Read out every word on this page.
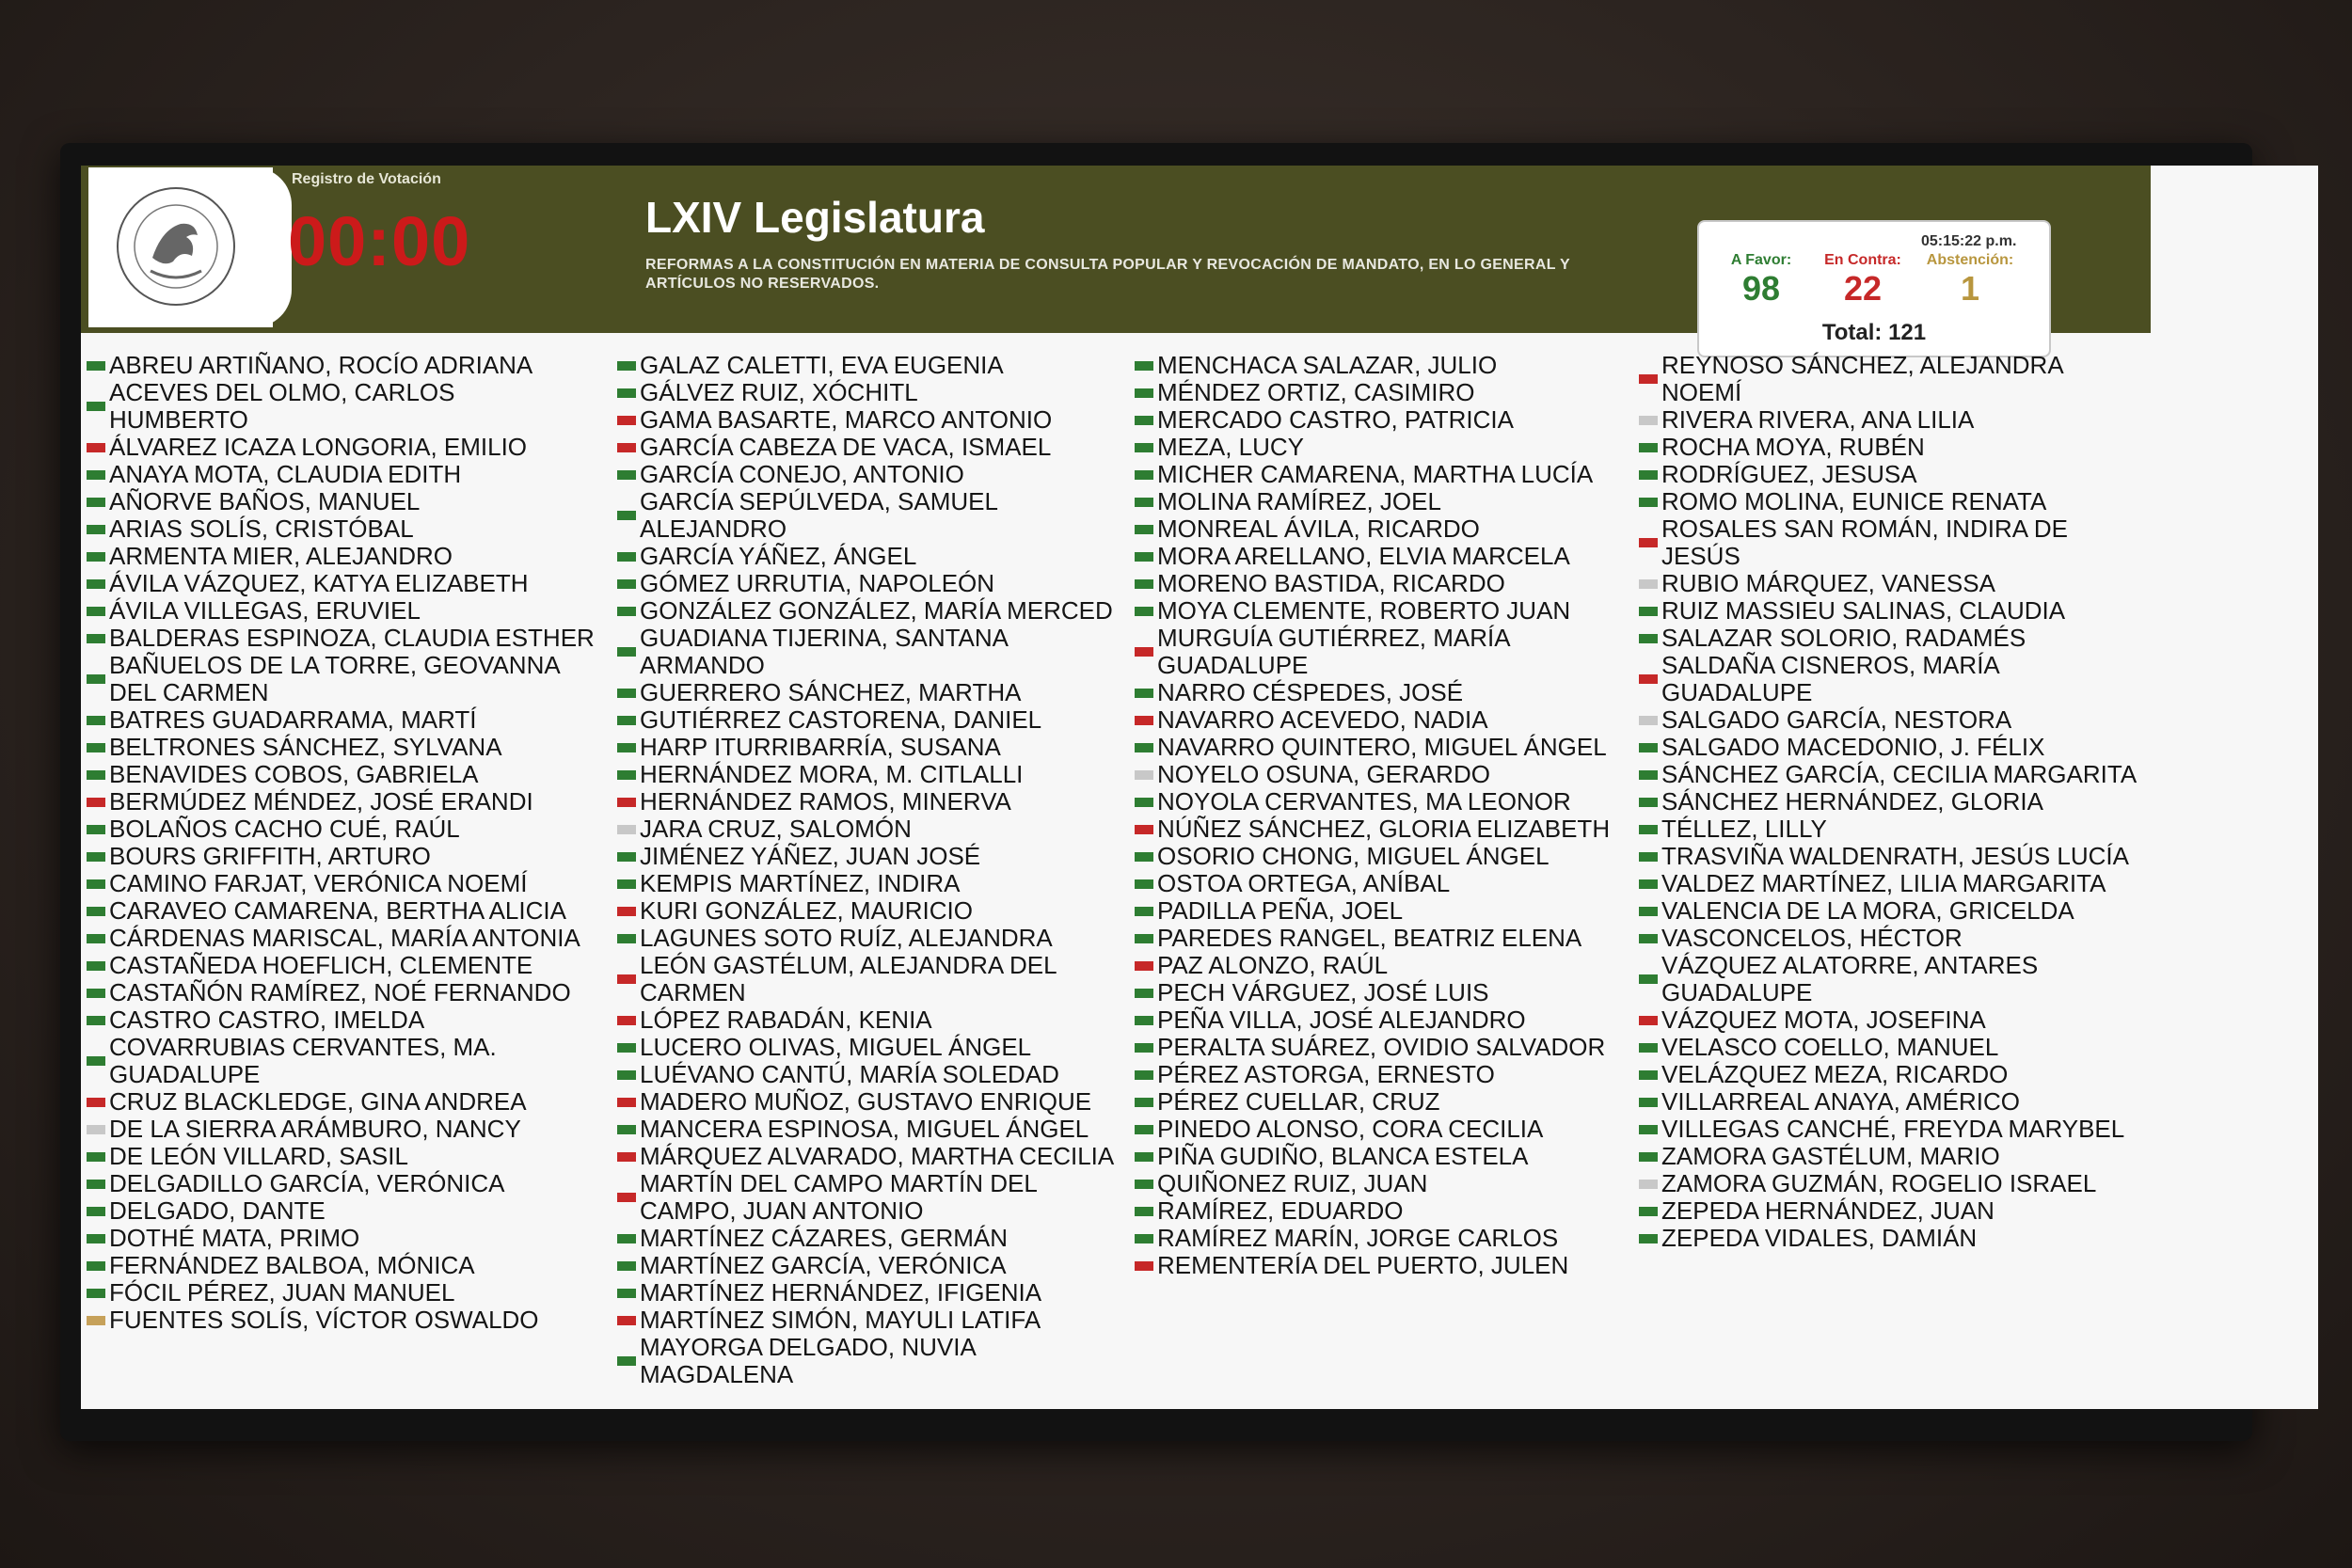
Registro de Votación
00:00	LXIV Legislatura
REFORMAS A LA CONSTITUCIÓN EN MATERIA DE CONSULTA POPULAR Y REVOCACIÓN DE MANDATO, EN LO GENERAL Y ARTÍCULOS NO RESERVADOS.
05:15:22 p.m.
A Favor:
98
En Contra:
22
Abstención:
1
Total: 121
ABREU ARTIÑANO, ROCÍO ADRIANA
ACEVES DEL OLMO, CARLOS HUMBERTO
ÁLVAREZ ICAZA LONGORIA, EMILIO
ANAYA MOTA, CLAUDIA EDITH
AÑORVE BAÑOS, MANUEL
ARIAS SOLÍS, CRISTÓBAL
ARMENTA MIER, ALEJANDRO
ÁVILA VÁZQUEZ, KATYA ELIZABETH
ÁVILA VILLEGAS, ERUVIEL
BALDERAS ESPINOZA, CLAUDIA ESTHER
BAÑUELOS DE LA TORRE, GEOVANNA DEL CARMEN
BATRES GUADARRAMA, MARTÍ
BELTRONES SÁNCHEZ, SYLVANA
BENAVIDES COBOS, GABRIELA
BERMÚDEZ MÉNDEZ, JOSÉ ERANDI
BOLAÑOS CACHO CUÉ, RAÚL
BOURS GRIFFITH, ARTURO
CAMINO FARJAT, VERÓNICA NOEMÍ
CARAVEO CAMARENA, BERTHA ALICIA
CÁRDENAS MARISCAL, MARÍA ANTONIA
CASTAÑEDA HOEFLICH, CLEMENTE
CASTAÑÓN RAMÍREZ, NOÉ FERNANDO
CASTRO CASTRO, IMELDA
COVARRUBIAS CERVANTES, MA. GUADALUPE
CRUZ BLACKLEDGE, GINA ANDREA
DE LA SIERRA ARÁMBURO, NANCY
DE LEÓN VILLARD, SASIL
DELGADILLO GARCÍA, VERÓNICA
DELGADO, DANTE
DOTHÉ MATA, PRIMO
FERNÁNDEZ BALBOA, MÓNICA
FÓCIL PÉREZ, JUAN MANUEL
FUENTES SOLÍS, VÍCTOR OSWALDO
GALAZ CALETTI, EVA EUGENIA
GÁLVEZ RUIZ, XÓCHITL
GAMA BASARTE, MARCO ANTONIO
GARCÍA CABEZA DE VACA, ISMAEL
GARCÍA CONEJO, ANTONIO
GARCÍA SEPÚLVEDA, SAMUEL ALEJANDRO
GARCÍA YÁÑEZ, ÁNGEL
GÓMEZ URRUTIA, NAPOLEÓN
GONZÁLEZ GONZÁLEZ, MARÍA MERCED
GUADIANA TIJERINA, SANTANA ARMANDO
GUERRERO SÁNCHEZ, MARTHA
GUTIÉRREZ CASTORENA, DANIEL
HARP ITURRIBARRÍA, SUSANA
HERNÁNDEZ MORA, M. CITLALLI
HERNÁNDEZ RAMOS, MINERVA
JARA CRUZ, SALOMÓN
JIMÉNEZ YÁÑEZ, JUAN JOSÉ
KEMPIS MARTÍNEZ, INDIRA
KURI GONZÁLEZ, MAURICIO
LAGUNES SOTO RUÍZ, ALEJANDRA
LEÓN GASTÉLUM, ALEJANDRA DEL CARMEN
LÓPEZ RABADÁN, KENIA
LUCERO OLIVAS, MIGUEL ÁNGEL
LUÉVANO CANTÚ, MARÍA SOLEDAD
MADERO MUÑOZ, GUSTAVO ENRIQUE
MANCERA ESPINOSA, MIGUEL ÁNGEL
MÁRQUEZ ALVARADO, MARTHA CECILIA
MARTÍN DEL CAMPO MARTÍN DEL CAMPO, JUAN ANTONIO
MARTÍNEZ CÁZARES, GERMÁN
MARTÍNEZ GARCÍA, VERÓNICA
MARTÍNEZ HERNÁNDEZ, IFIGENIA
MARTÍNEZ SIMÓN, MAYULI LATIFA
MAYORGA DELGADO, NUVIA MAGDALENA
MENCHACA SALAZAR, JULIO
MÉNDEZ ORTIZ, CASIMIRO
MERCADO CASTRO, PATRICIA
MEZA, LUCY
MICHER CAMARENA, MARTHA LUCÍA
MOLINA RAMÍREZ, JOEL
MONREAL ÁVILA, RICARDO
MORA ARELLANO, ELVIA MARCELA
MORENO BASTIDA, RICARDO
MOYA CLEMENTE, ROBERTO JUAN
MURGUÍA GUTIÉRREZ, MARÍA GUADALUPE
NARRO CÉSPEDES, JOSÉ
NAVARRO ACEVEDO, NADIA
NAVARRO QUINTERO, MIGUEL ÁNGEL
NOYELO OSUNA, GERARDO
NOYOLA CERVANTES, MA LEONOR
NÚÑEZ SÁNCHEZ, GLORIA ELIZABETH
OSORIO CHONG, MIGUEL ÁNGEL
OSTOA ORTEGA, ANÍBAL
PADILLA PEÑA, JOEL
PAREDES RANGEL, BEATRIZ ELENA
PAZ ALONZO, RAÚL
PECH VÁRGUEZ, JOSÉ LUIS
PEÑA VILLA, JOSÉ ALEJANDRO
PERALTA SUÁREZ, OVIDIO SALVADOR
PÉREZ ASTORGA, ERNESTO
PÉREZ CUELLAR, CRUZ
PINEDO ALONSO, CORA CECILIA
PIÑA GUDIÑO, BLANCA ESTELA
QUIÑONEZ RUIZ, JUAN
RAMÍREZ, EDUARDO
RAMÍREZ MARÍN, JORGE CARLOS
REMENTERÍA DEL PUERTO, JULEN
REYNOSO SÁNCHEZ, ALEJANDRA NOEMÍ
RIVERA RIVERA, ANA LILIA
ROCHA MOYA, RUBÉN
RODRÍGUEZ, JESUSA
ROMO MOLINA, EUNICE RENATA
ROSALES SAN ROMÁN, INDIRA DE JESÚS
RUBIO MÁRQUEZ, VANESSA
RUIZ MASSIEU SALINAS, CLAUDIA
SALAZAR SOLORIO, RADAMÉS
SALDAÑA CISNEROS, MARÍA GUADALUPE
SALGADO GARCÍA, NESTORA
SALGADO MACEDONIO, J. FÉLIX
SÁNCHEZ GARCÍA, CECILIA MARGARITA
SÁNCHEZ HERNÁNDEZ, GLORIA
TÉLLEZ, LILLY
TRASVIÑA WALDENRATH, JESÚS LUCÍA
VALDEZ MARTÍNEZ, LILIA MARGARITA
VALENCIA DE LA MORA, GRICELDA
VASCONCELOS, HÉCTOR
VÁZQUEZ ALATORRE, ANTARES GUADALUPE
VÁZQUEZ MOTA, JOSEFINA
VELASCO COELLO, MANUEL
VELÁZQUEZ MEZA, RICARDO
VILLARREAL ANAYA, AMÉRICO
VILLEGAS CANCHÉ, FREYDA MARYBEL
ZAMORA GASTÉLUM, MARIO
ZAMORA GUZMÁN, ROGELIO ISRAEL
ZEPEDA HERNÁNDEZ, JUAN
ZEPEDA VIDALES, DAMIÁN
